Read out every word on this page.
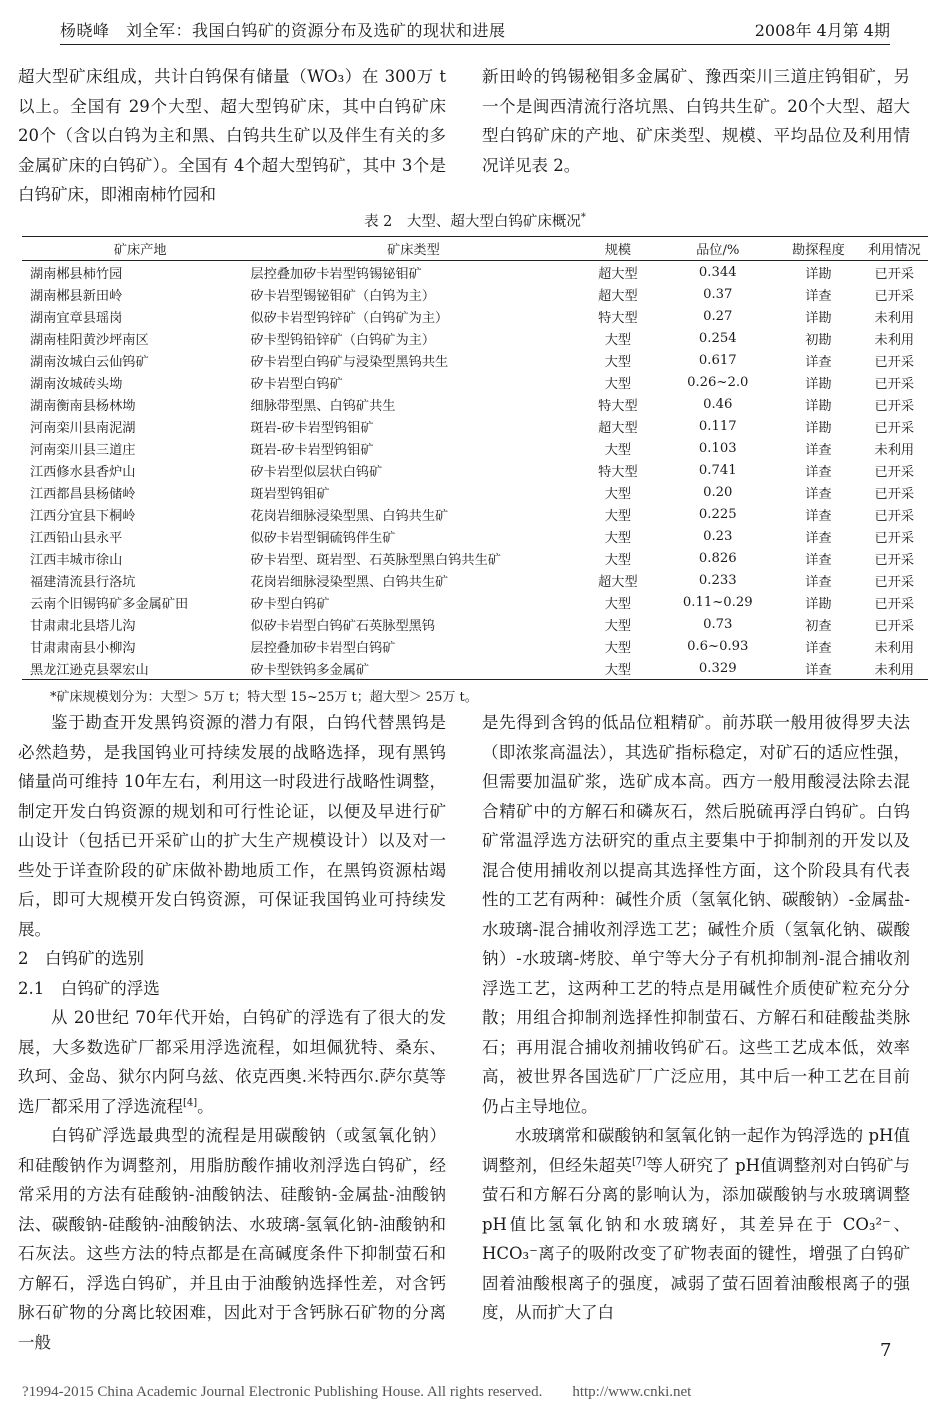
杨晓峰　刘全军：我国白钨矿的资源分布及选矿的现状和进展	2008年 4月第 4期

超大型矿床组成，共计白钨保有储量（WO₃）在 300万 t以上。全国有 29个大型、超大型钨矿床，其中白钨矿床 20个（含以白钨为主和黑、白钨共生矿以及伴生有关的多金属矿床的白钨矿）。全国有 4个超大型钨矿，其中 3个是白钨矿床，即湘南柿竹园和

新田岭的钨锡秘钼多金属矿、豫西栾川三道庄钨钼矿，另一个是闽西清流行洛坑黑、白钨共生矿。20个大型、超大型白钨矿床的产地、矿床类型、规模、平均品位及利用情况详见表 2。

表 2　大型、超大型白钨矿床概况*
矿床产地	矿床类型	规模	品位/%	勘探程度	利用情况
湖南郴县柿竹园	层控叠加矽卡岩型钨锡铋钼矿	超大型	0.344	详勘	已开采
湖南郴县新田岭	矽卡岩型锡铋钼矿（白钨为主）	超大型	0.37	详查	已开采
湖南宜章县瑶岗	似矽卡岩型钨锌矿（白钨矿为主）	特大型	0.27	详勘	未利用
湖南桂阳黄沙坪南区	矽卡型钨铅锌矿（白钨矿为主）	大型	0.254	初勘	未利用
湖南汝城白云仙钨矿	矽卡岩型白钨矿与浸染型黑钨共生	大型	0.617	详查	已开采
湖南汝城砖头坳	矽卡岩型白钨矿	大型	0.26~2.0	详勘	已开采
湖南衡南县杨林坳	细脉带型黑、白钨矿共生	特大型	0.46	详勘	已开采
河南栾川县南泥湖	斑岩-矽卡岩型钨钼矿	超大型	0.117	详勘	已开采
河南栾川县三道庄	斑岩-矽卡岩型钨钼矿	大型	0.103	详查	未利用
江西修水县香炉山	矽卡岩型似层状白钨矿	特大型	0.741	详查	已开采
江西都昌县杨储岭	斑岩型钨钼矿	大型	0.20	详查	已开采
江西分宜县下桐岭	花岗岩细脉浸染型黑、白钨共生矿	大型	0.225	详查	已开采
江西铅山县永平	似矽卡岩型铜硫钨伴生矿	大型	0.23	详查	已开采
江西丰城市徐山	矽卡岩型、斑岩型、石英脉型黑白钨共生矿	大型	0.826	详查	已开采
福建清流县行洛坑	花岗岩细脉浸染型黑、白钨共生矿	超大型	0.233	详查	已开采
云南个旧锡钨矿多金属矿田	矽卡型白钨矿	大型	0.11~0.29	详勘	已开采
甘肃肃北县塔儿沟	似矽卡岩型白钨矿石英脉型黑钨	大型	0.73	初查	已开采
甘肃肃南县小柳沟	层控叠加矽卡岩型白钨矿	大型	0.6~0.93	详查	未利用
黑龙江逊克县翠宏山	矽卡型铁钨多金属矿	大型	0.329	详查	未利用
*矿床规模划分为：大型＞ 5万 t；特大型 15~25万 t；超大型＞ 25万 t。

鉴于勘查开发黑钨资源的潜力有限，白钨代替黑钨是必然趋势，是我国钨业可持续发展的战略选择，现有黑钨储量尚可维持 10年左右，利用这一时段进行战略性调整，制定开发白钨资源的规划和可行性论证，以便及早进行矿山设计（包括已开采矿山的扩大生产规模设计）以及对一些处于详查阶段的矿床做补勘地质工作，在黑钨资源枯竭后，即可大规模开发白钨资源，可保证我国钨业可持续发展。

2　白钨矿的选别

2.1　白钨矿的浮选

从 20世纪 70年代开始，白钨矿的浮选有了很大的发展，大多数选矿厂都采用浮选流程，如坦佩犹特、桑东、玖珂、金岛、狱尔内阿乌兹、依克西奥.米特西尔.萨尔莫等选厂都采用了浮选流程[4]。

白钨矿浮选最典型的流程是用碳酸钠（或氢氧化钠）和硅酸钠作为调整剂，用脂肪酸作捕收剂浮选白钨矿，经常采用的方法有硅酸钠-油酸钠法、硅酸钠-金属盐-油酸钠法、碳酸钠-硅酸钠-油酸钠法、水玻璃-氢氧化钠-油酸钠和石灰法。这些方法的特点都是在高碱度条件下抑制萤石和方解石，浮选白钨矿，并且由于油酸钠选择性差，对含钙脉石矿物的分离比较困难，因此对于含钙脉石矿物的分离一般

是先得到含钨的低品位粗精矿。前苏联一般用彼得罗夫法（即浓浆高温法），其选矿指标稳定，对矿石的适应性强，但需要加温矿浆，选矿成本高。西方一般用酸浸法除去混合精矿中的方解石和磷灰石，然后脱硫再浮白钨矿。白钨矿常温浮选方法研究的重点主要集中于抑制剂的开发以及混合使用捕收剂以提高其选择性方面，这个阶段具有代表性的工艺有两种：碱性介质（氢氧化钠、碳酸钠）-金属盐-水玻璃-混合捕收剂浮选工艺；碱性介质（氢氧化钠、碳酸钠）-水玻璃-烤胶、单宁等大分子有机抑制剂-混合捕收剂浮选工艺，这两种工艺的特点是用碱性介质使矿粒充分分散；用组合抑制剂选择性抑制萤石、方解石和硅酸盐类脉石；再用混合捕收剂捕收钨矿石。这些工艺成本低，效率高，被世界各国选矿厂广泛应用，其中后一种工艺在目前仍占主导地位。

水玻璃常和碳酸钠和氢氧化钠一起作为钨浮选的 pH值调整剂，但经朱超英[7]等人研究了 pH值调整剂对白钨矿与萤石和方解石分离的影响认为，添加碳酸钠与水玻璃调整 pH值比氢氧化钠和水玻璃好，其差异在于 CO₃²⁻、HCO₃⁻离子的吸附改变了矿物表面的键性，增强了白钨矿固着油酸根离子的强度，减弱了萤石固着油酸根离子的强度，从而扩大了白

7
?1994-2015 China Academic Journal Electronic Publishing House. All rights reserved.　　http://www.cnki.net
